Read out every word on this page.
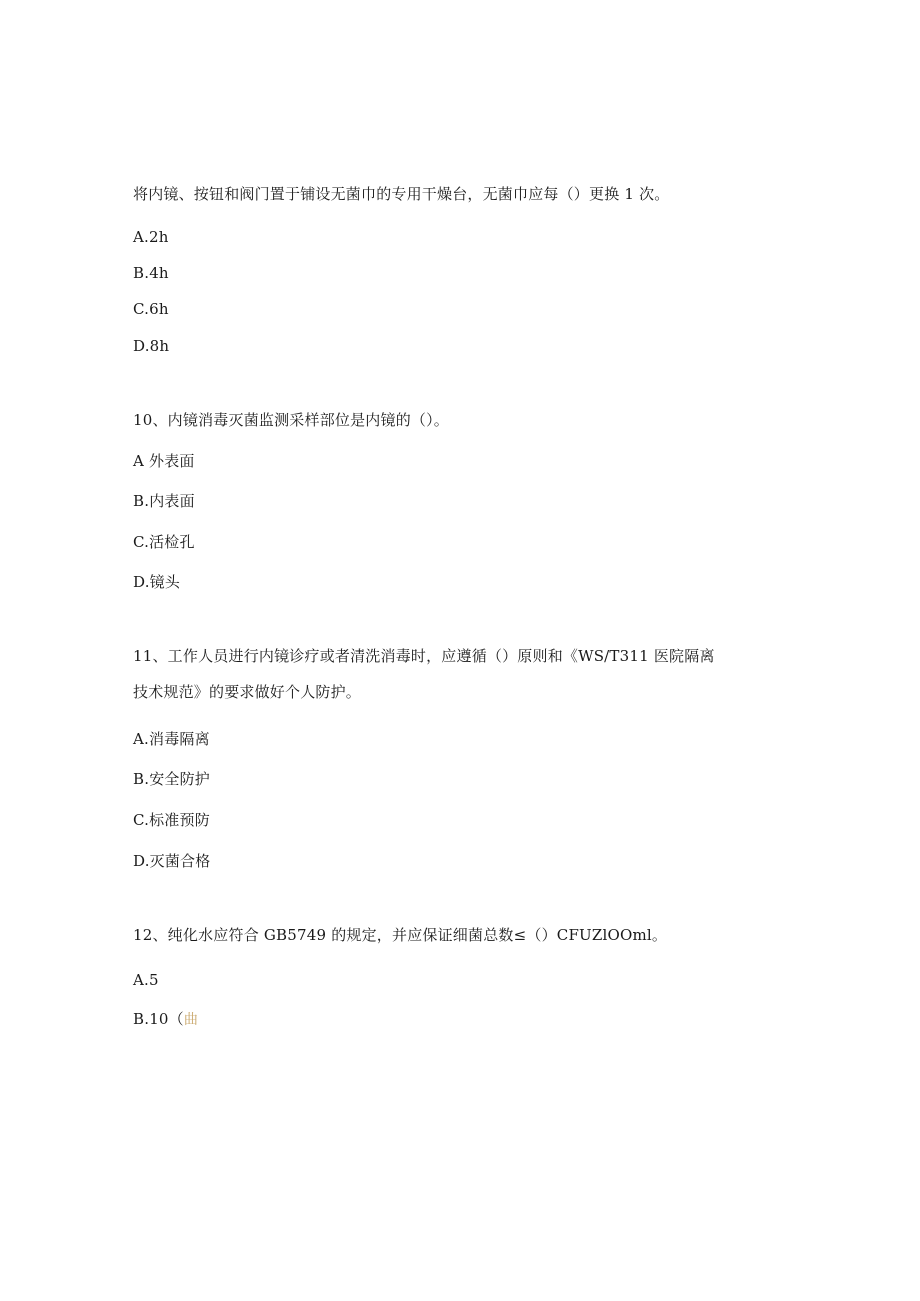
将内镜、按钮和阀门置于铺设无菌巾的专用干燥台，无菌巾应每（）更换 1 次。
A.2h
B.4h
C.6h
D.8h
10、内镜消毒灭菌监测采样部位是内镜的（）。
A 外表面
B.内表面
C.活检孔
D.镜头
11、工作人员进行内镜诊疗或者清洗消毒时，应遵循（）原则和《WS/T311 医院隔离
技术规范》的要求做好个人防护。
A.消毒隔离
B.安全防护
C.标准预防
D.灭菌合格
12、纯化水应符合 GB5749 的规定，并应保证细菌总数≤（）CFUZlOOml。
A.5
B.10（曲
